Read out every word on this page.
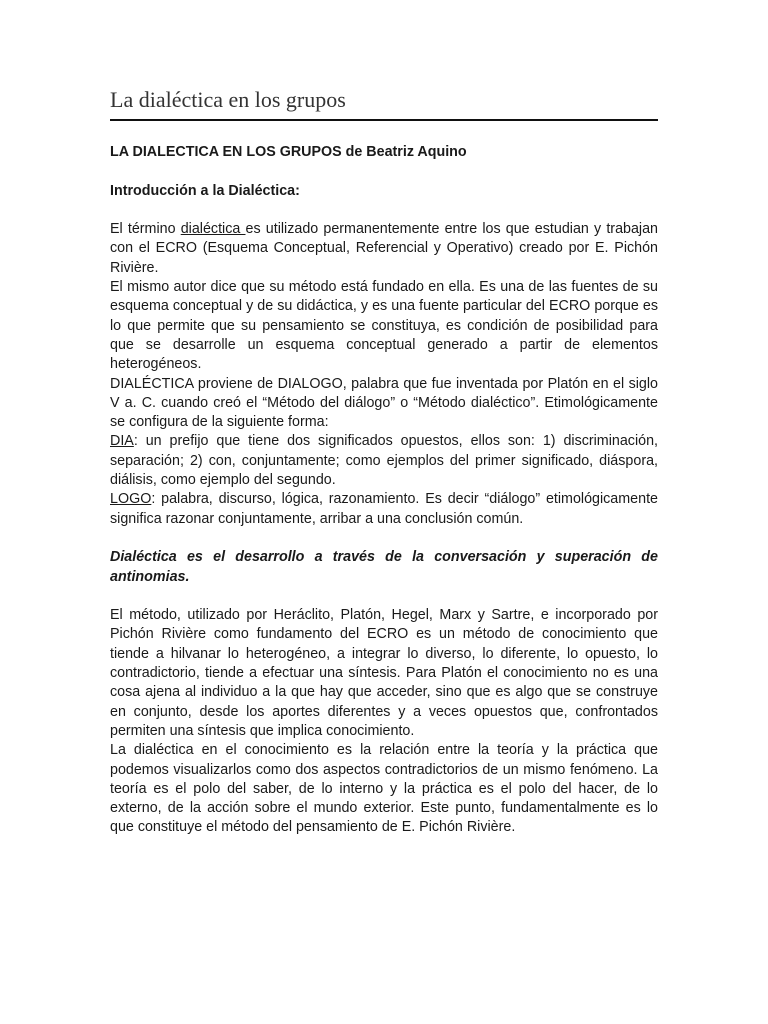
La dialéctica en los grupos

LA DIALECTICA EN LOS GRUPOS de Beatriz Aquino

Introducción a la Dialéctica:

El término dialéctica es utilizado permanentemente entre los que estudian y trabajan con el ECRO (Esquema Conceptual, Referencial y Operativo) creado por E. Pichón Rivière.

El mismo autor dice que su método está fundado en ella. Es una de las fuentes de su esquema conceptual y de su didáctica, y es una fuente particular del ECRO porque es lo que permite que su pensamiento se constituya, es condición de posibilidad para que se desarrolle un esquema conceptual generado a partir de elementos heterogéneos.

DIALÉCTICA proviene de DIALOGO, palabra que fue inventada por Platón en el siglo V a. C. cuando creó el “Método del diálogo” o “Método dialéctico”. Etimológicamente se configura de la siguiente forma:

DIA: un prefijo que tiene dos significados opuestos, ellos son: 1) discriminación, separación; 2) con, conjuntamente; como ejemplos del primer significado, diáspora, diálisis, como ejemplo del segundo.

LOGO: palabra, discurso, lógica, razonamiento. Es decir “diálogo” etimológicamente significa razonar conjuntamente, arribar a una conclusión común.

Dialéctica es el desarrollo a través de la conversación y superación de antinomias.

El método, utilizado por Heráclito, Platón, Hegel, Marx y Sartre, e incorporado por Pichón Rivière como fundamento del ECRO es un método de conocimiento que tiende a hilvanar lo heterogéneo, a integrar lo diverso, lo diferente, lo opuesto, lo contradictorio, tiende a efectuar una síntesis. Para Platón el conocimiento no es una cosa ajena al individuo a la que hay que acceder, sino que es algo que se construye en conjunto, desde los aportes diferentes y a veces opuestos que, confrontados permiten una síntesis que implica conocimiento.

La dialéctica en el conocimiento es la relación entre la teoría y la práctica que podemos visualizarlos como dos aspectos contradictorios de un mismo fenómeno. La teoría es el polo del saber, de lo interno y la práctica es el polo del hacer, de lo externo, de la acción sobre el mundo exterior. Este punto, fundamentalmente es lo que constituye el método del pensamiento de E. Pichón Rivière.
